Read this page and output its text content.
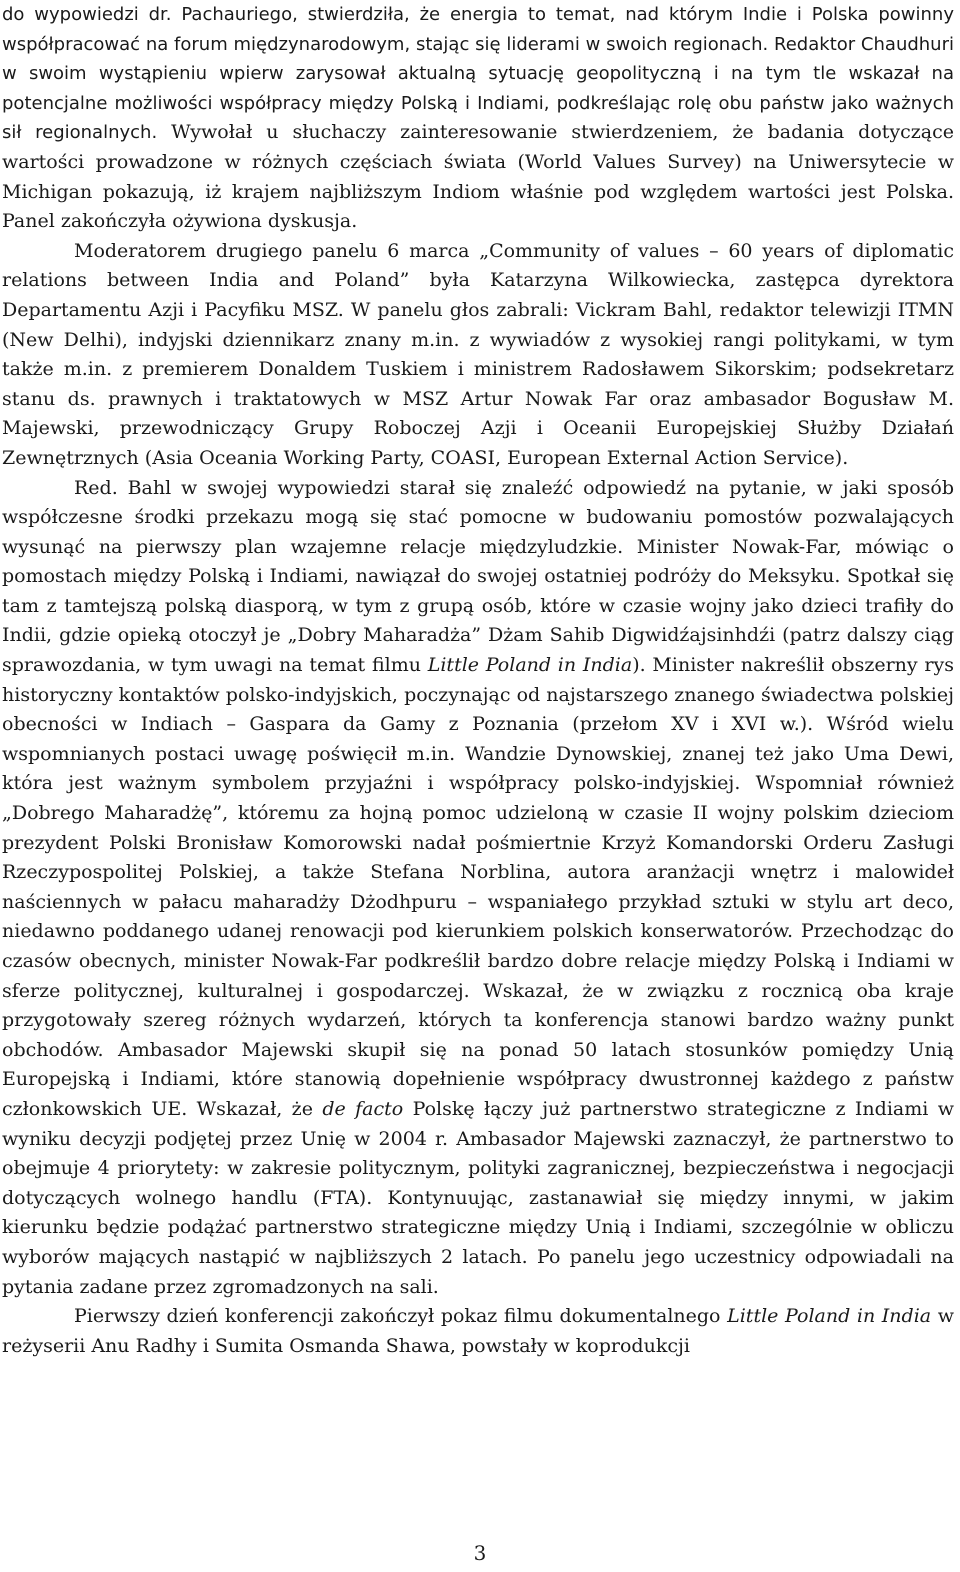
do wypowiedzi dr. Pachauriego, stwierdziła, że energia to temat, nad którym Indie i Polska powinny współpracować na forum międzynarodowym, stając się liderami w swoich regionach. Redaktor Chaudhuri w swoim wystąpieniu wpierw zarysował aktualną sytuację geopolityczną i na tym tle wskazał na potencjalne możliwości współpracy między Polską i Indiami, podkreślając rolę obu państw jako ważnych sił regionalnych. Wywołał u słuchaczy zainteresowanie stwierdzeniem, że badania dotyczące wartości prowadzone w różnych częściach świata (World Values Survey) na Uniwersytecie w Michigan pokazują, iż krajem najbliższym Indiom właśnie pod względem wartości jest Polska. Panel zakończyła ożywiona dyskusja.

Moderatorem drugiego panelu 6 marca „Community of values – 60 years of diplomatic relations between India and Poland” była Katarzyna Wilkowiecka, zastępca dyrektora Departamentu Azji i Pacyfiku MSZ. W panelu głos zabrali: Vickram Bahl, redaktor telewizji ITMN (New Delhi), indyjski dziennikarz znany m.in. z wywiadów z wysokiej rangi politykami, w tym także m.in. z premierem Donaldem Tuskiem i ministrem Radosławem Sikorskim; podsekretarz stanu ds. prawnych i traktatowych w MSZ Artur Nowak Far oraz ambasador Bogusław M. Majewski, przewodniczący Grupy Roboczej Azji i Oceanii Europejskiej Służby Działań Zewnętrznych (Asia Oceania Working Party, COASI, European External Action Service).

Red. Bahl w swojej wypowiedzi starał się znaleźć odpowiedź na pytanie, w jaki sposób współczesne środki przekazu mogą się stać pomocne w budowaniu pomostów pozwalających wysunąć na pierwszy plan wzajemne relacje międzyludzkie. Minister Nowak-Far, mówiąc o pomostach między Polską i Indiami, nawiązał do swojej ostatniej podróży do Meksyku. Spotkał się tam z tamtejszą polską diasporą, w tym z grupą osób, które w czasie wojny jako dzieci trafiły do Indii, gdzie opieką otoczył je „Dobry Maharadża” Dżam Sahib Digwidźajsinhdźi (patrz dalszy ciąg sprawozdania, w tym uwagi na temat filmu Little Poland in India). Minister nakreślił obszerny rys historyczny kontaktów polsko-indyjskich, poczynając od najstarszego znanego świadectwa polskiej obecności w Indiach – Gaspara da Gamy z Poznania (przełom XV i XVI w.). Wśród wielu wspomnianych postaci uwagę poświęcił m.in. Wandzie Dynowskiej, znanej też jako Uma Dewi, która jest ważnym symbolem przyjaźni i współpracy polsko-indyjskiej. Wspomniał również „Dobrego Maharadżę”, któremu za hojną pomoc udzieloną w czasie II wojny polskim dzieciom prezydent Polski Bronisław Komorowski nadał pośmiertnie Krzyż Komandorski Orderu Zasługi Rzeczypospolitej Polskiej, a także Stefana Norblina, autora aranżacji wnętrz i malowideł naściennych w pałacu maharadży Dżodhpuru – wspaniałego przykład sztuki w stylu art deco, niedawno poddanego udanej renowacji pod kierunkiem polskich konserwatorów. Przechodząc do czasów obecnych, minister Nowak-Far podkreślił bardzo dobre relacje między Polską i Indiami w sferze politycznej, kulturalnej i gospodarczej. Wskazał, że w związku z rocznicą oba kraje przygotowały szereg różnych wydarzeń, których ta konferencja stanowi bardzo ważny punkt obchodów. Ambasador Majewski skupił się na ponad 50 latach stosunków pomiędzy Unią Europejską i Indiami, które stanowią dopełnienie współpracy dwustronnej każdego z państw członkowskich UE. Wskazał, że de facto Polskę łączy już partnerstwo strategiczne z Indiami w wyniku decyzji podjętej przez Unię w 2004 r. Ambasador Majewski zaznaczył, że partnerstwo to obejmuje 4 priorytety: w zakresie politycznym, polityki zagranicznej, bezpieczeństwa i negocjacji dotyczących wolnego handlu (FTA). Kontynuując, zastanawiał się między innymi, w jakim kierunku będzie podążać partnerstwo strategiczne między Unią i Indiami, szczególnie w obliczu wyborów mających nastąpić w najbliższych 2 latach. Po panelu jego uczestnicy odpowiadali na pytania zadane przez zgromadzonych na sali.

Pierwszy dzień konferencji zakończył pokaz filmu dokumentalnego Little Poland in India w reżyserii Anu Radhy i Sumita Osmanda Shawa, powstały w koprodukcji

3
